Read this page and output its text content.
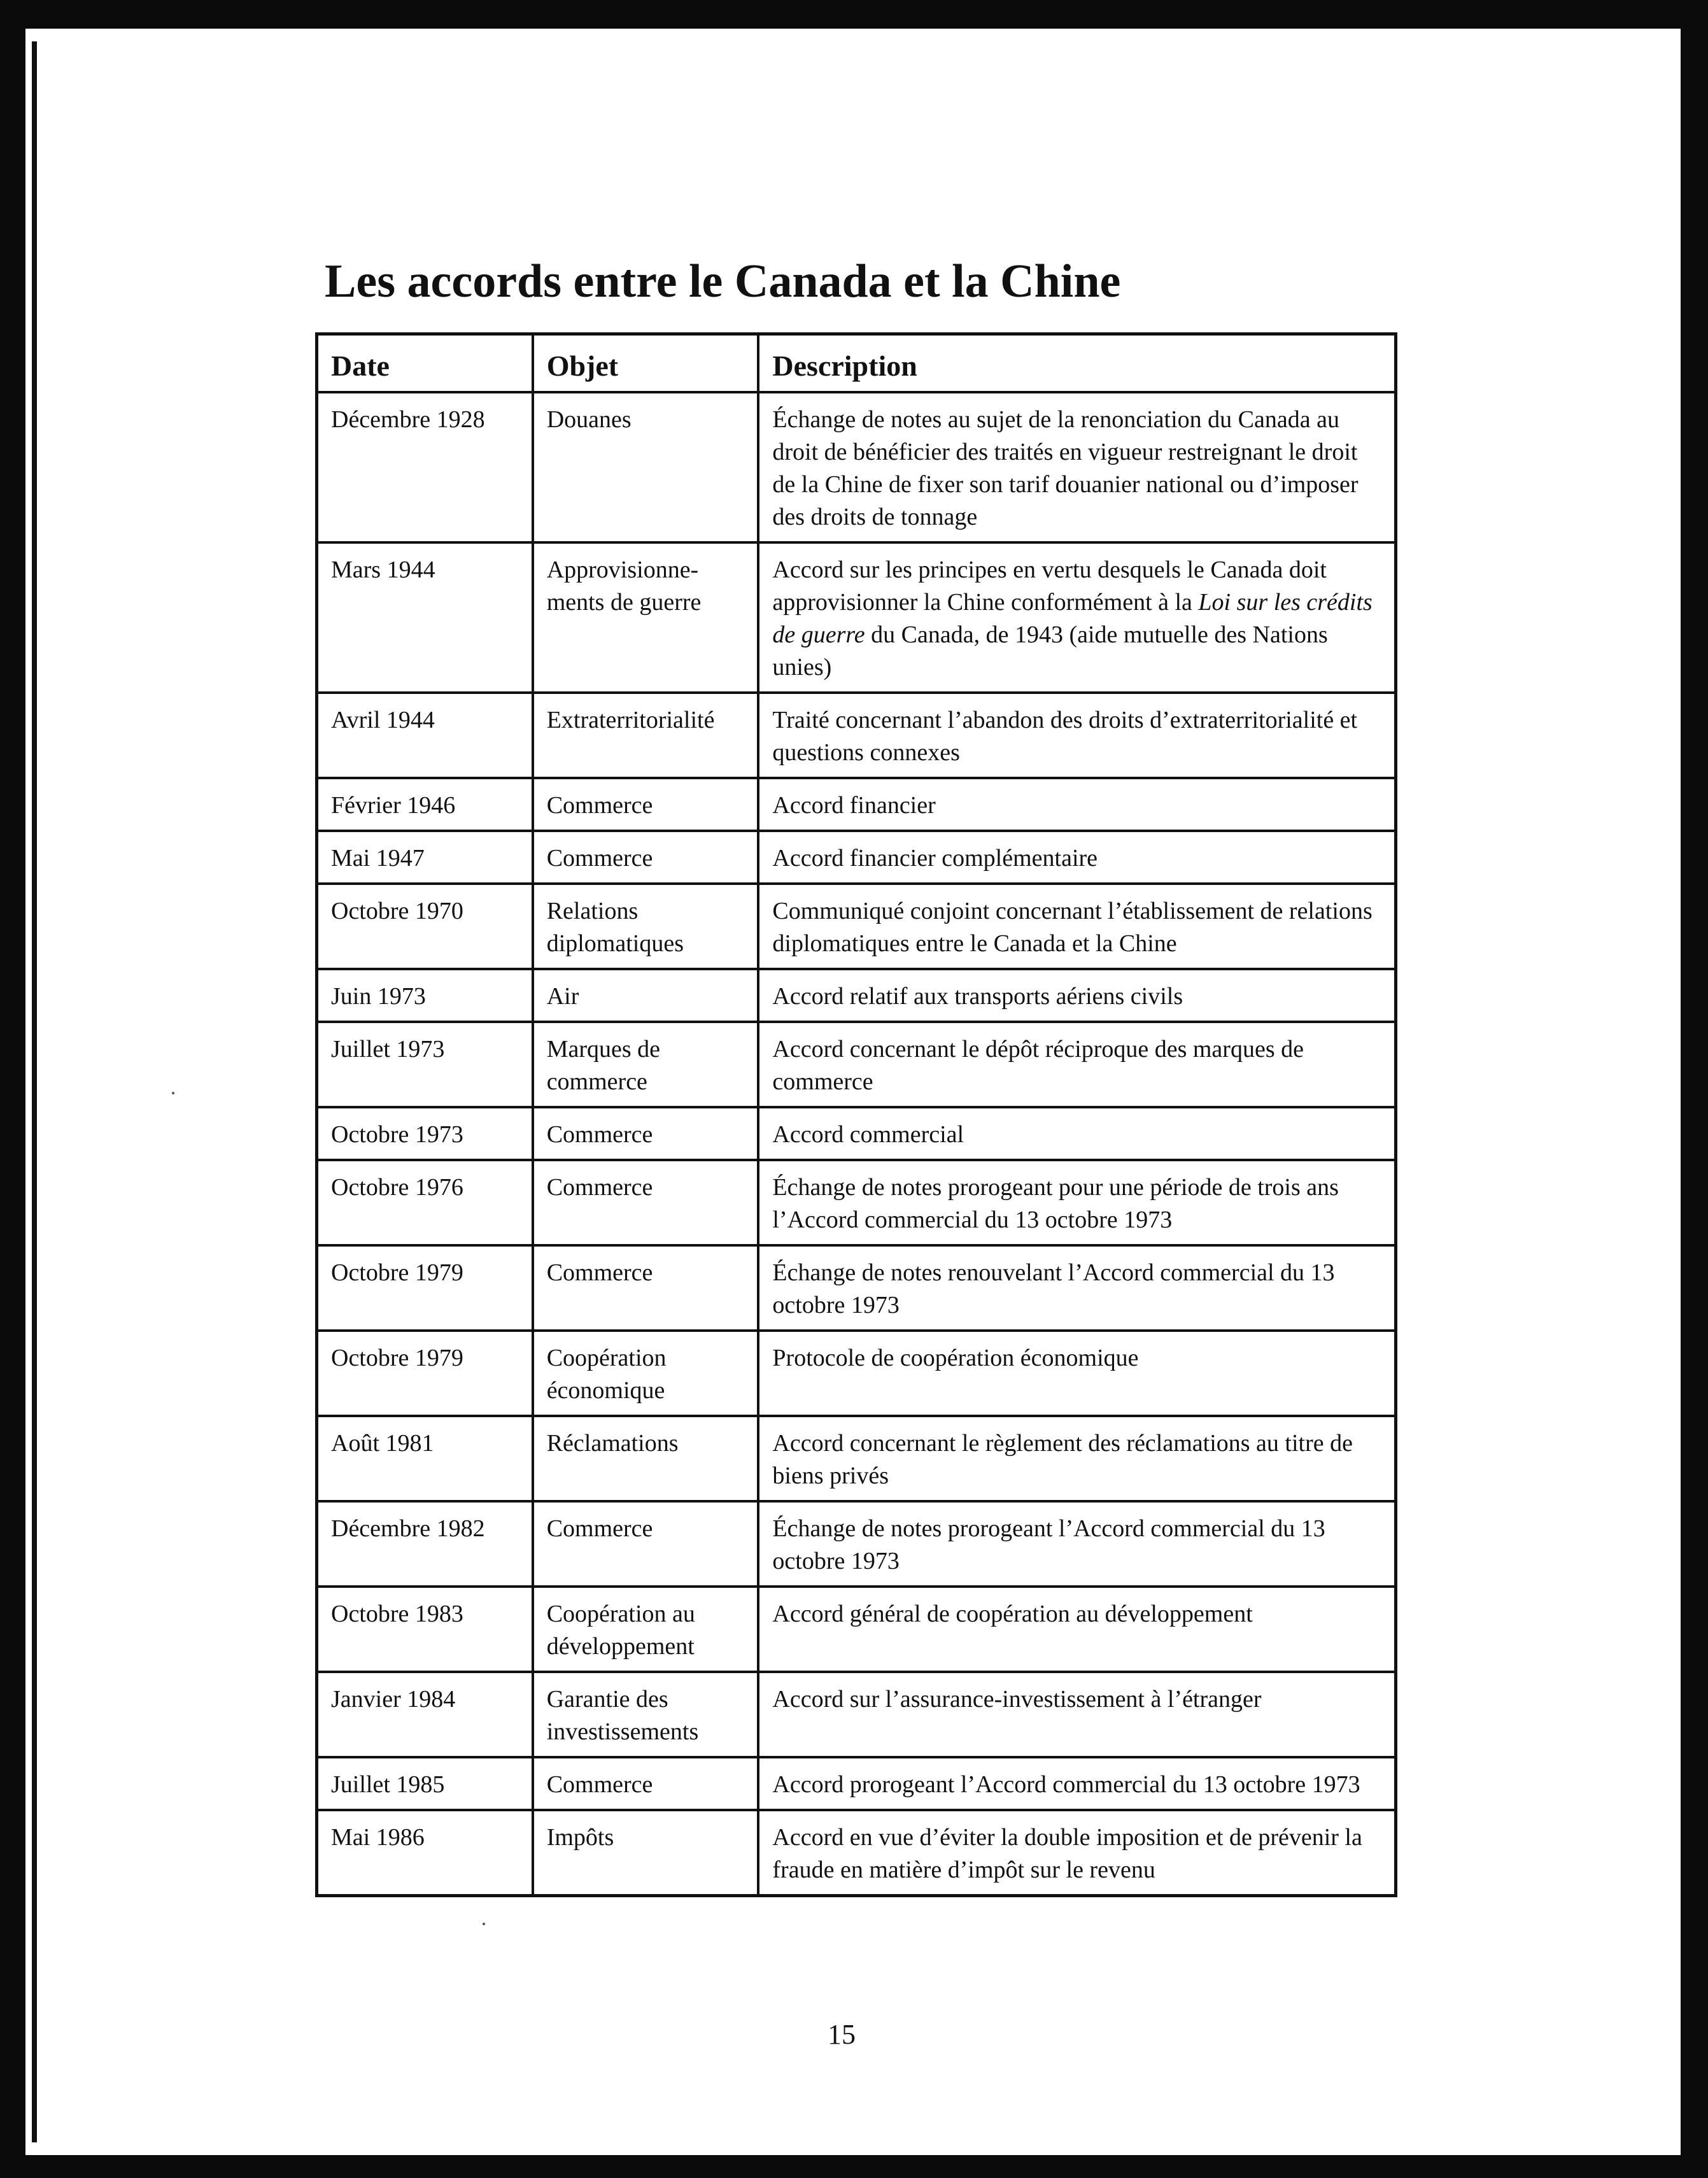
Les accords entre le Canada et la Chine
Date	Objet	Description
Décembre 1928	Douanes	Échange de notes au sujet de la renonciation du Canada au droit de bénéficier des traités en vigueur restreignant le droit de la Chine de fixer son tarif douanier national ou d’imposer des droits de tonnage
Mars 1944	Approvisionne-ments de guerre	Accord sur les principes en vertu desquels le Canada doit approvisionner la Chine conformément à la Loi sur les crédits de guerre du Canada, de 1943 (aide mutuelle des Nations unies)
Avril 1944	Extraterritorialité	Traité concernant l’abandon des droits d’extraterritorialité et questions connexes
Février 1946	Commerce	Accord financier
Mai 1947	Commerce	Accord financier complémentaire
Octobre 1970	Relations diplomatiques	Communiqué conjoint concernant l’établissement de relations diplomatiques entre le Canada et la Chine
Juin 1973	Air	Accord relatif aux transports aériens civils
Juillet 1973	Marques de commerce	Accord concernant le dépôt réciproque des marques de commerce
Octobre 1973	Commerce	Accord commercial
Octobre 1976	Commerce	Échange de notes prorogeant pour une période de trois ans l’Accord commercial du 13 octobre 1973
Octobre 1979	Commerce	Échange de notes renouvelant l’Accord commercial du 13 octobre 1973
Octobre 1979	Coopération économique	Protocole de coopération économique
Août 1981	Réclamations	Accord concernant le règlement des réclamations au titre de biens privés
Décembre 1982	Commerce	Échange de notes prorogeant l’Accord commercial du 13 octobre 1973
Octobre 1983	Coopération au développement	Accord général de coopération au développement
Janvier 1984	Garantie des investissements	Accord sur l’assurance-investissement à l’étranger
Juillet 1985	Commerce	Accord prorogeant l’Accord commercial du 13 octobre 1973
Mai 1986	Impôts	Accord en vue d’éviter la double imposition et de prévenir la fraude en matière d’impôt sur le revenu
15
